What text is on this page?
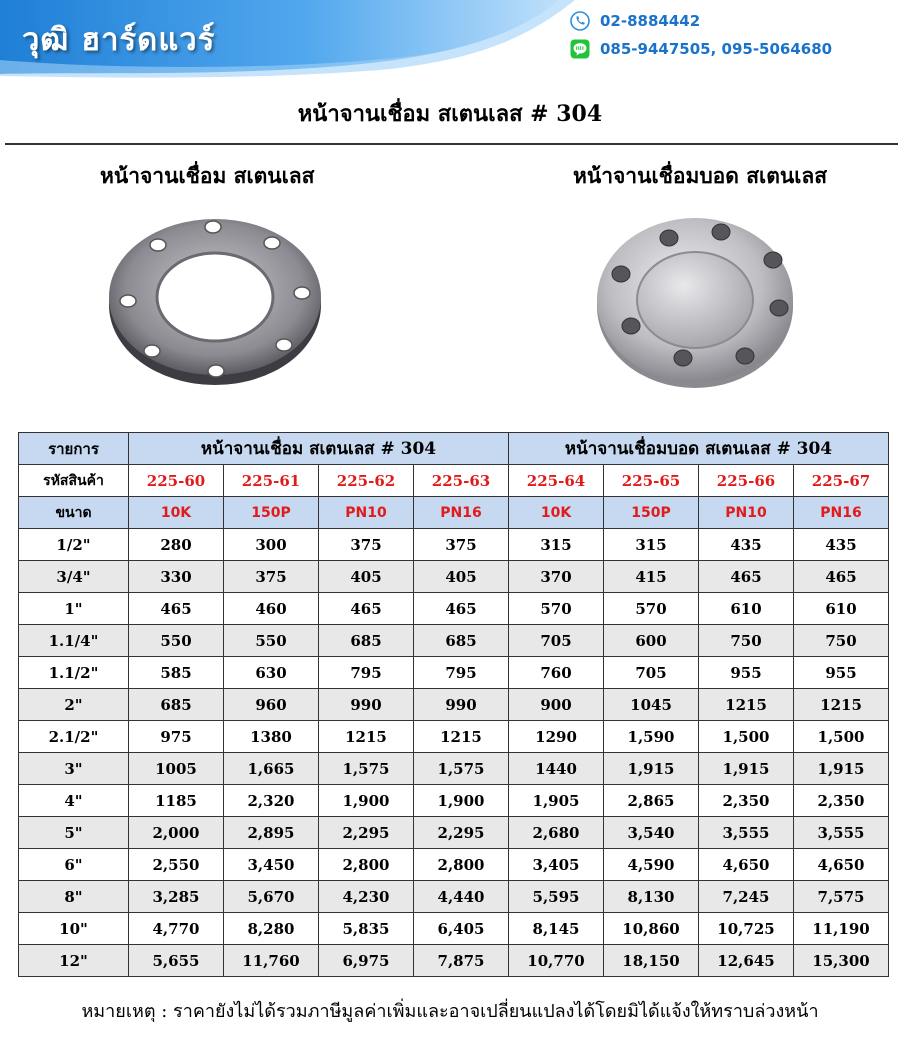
วุฒิ ฮาร์ดแวร์
02-8884442
085-9447505, 095-5064680
หน้าจานเชื่อม สเตนเลส # 304
หน้าจานเชื่อม สเตนเลส	หน้าจานเชื่อมบอด สเตนเลส
รายการ	หน้าจานเชื่อม สเตนเลส # 304				หน้าจานเชื่อมบอด สเตนเลส # 304			
รหัสสินค้า	225-60	225-61	225-62	225-63	225-64	225-65	225-66	225-67
ขนาด	10K	150P	PN10	PN16	10K	150P	PN10	PN16
1/2"	280	300	375	375	315	315	435	435
3/4"	330	375	405	405	370	415	465	465
1"	465	460	465	465	570	570	610	610
1.1/4"	550	550	685	685	705	600	750	750
1.1/2"	585	630	795	795	760	705	955	955
2"	685	960	990	990	900	1045	1215	1215
2.1/2"	975	1380	1215	1215	1290	1,590	1,500	1,500
3"	1005	1,665	1,575	1,575	1440	1,915	1,915	1,915
4"	1185	2,320	1,900	1,900	1,905	2,865	2,350	2,350
5"	2,000	2,895	2,295	2,295	2,680	3,540	3,555	3,555
6"	2,550	3,450	2,800	2,800	3,405	4,590	4,650	4,650
8"	3,285	5,670	4,230	4,440	5,595	8,130	7,245	7,575
10"	4,770	8,280	5,835	6,405	8,145	10,860	10,725	11,190
12"	5,655	11,760	6,975	7,875	10,770	18,150	12,645	15,300
หมายเหตุ : ราคายังไม่ได้รวมภาษีมูลค่าเพิ่มและอาจเปลี่ยนแปลงได้โดยมิได้แจ้งให้ทราบล่วงหน้า
